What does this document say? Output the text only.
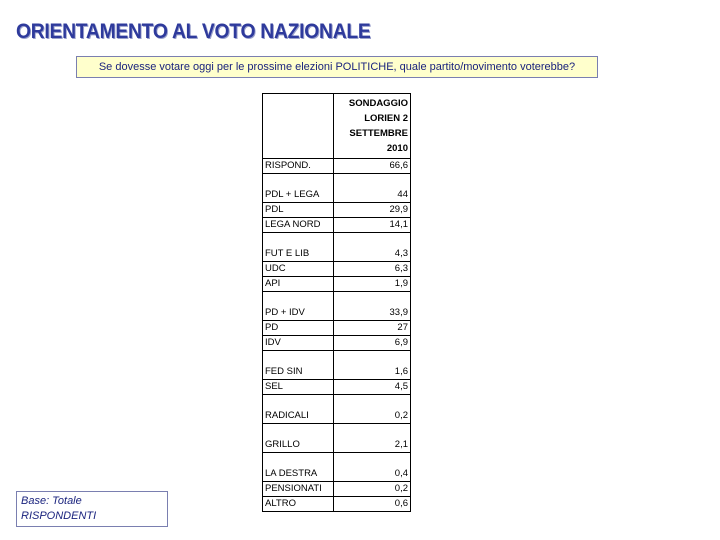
ORIENTAMENTO AL VOTO NAZIONALE
Se dovesse votare oggi per le prossime elezioni POLITICHE, quale partito/movimento voterebbe?

	SONDAGGIO
LORIEN 2
SETTEMBRE
2010

RISPOND.	66,6

PDL + LEGA	44
PDL	29,9
LEGA NORD	14,1

FUT E LIB	4,3
UDC	6,3
API	1,9

PD + IDV	33,9
PD	27
IDV	6,9

FED SIN	1,6
SEL	4,5

RADICALI	0,2

GRILLO	2,1

LA DESTRA	0,4
PENSIONATI	0,2
ALTRO	0,6
Base: Totale
RISPONDENTI
